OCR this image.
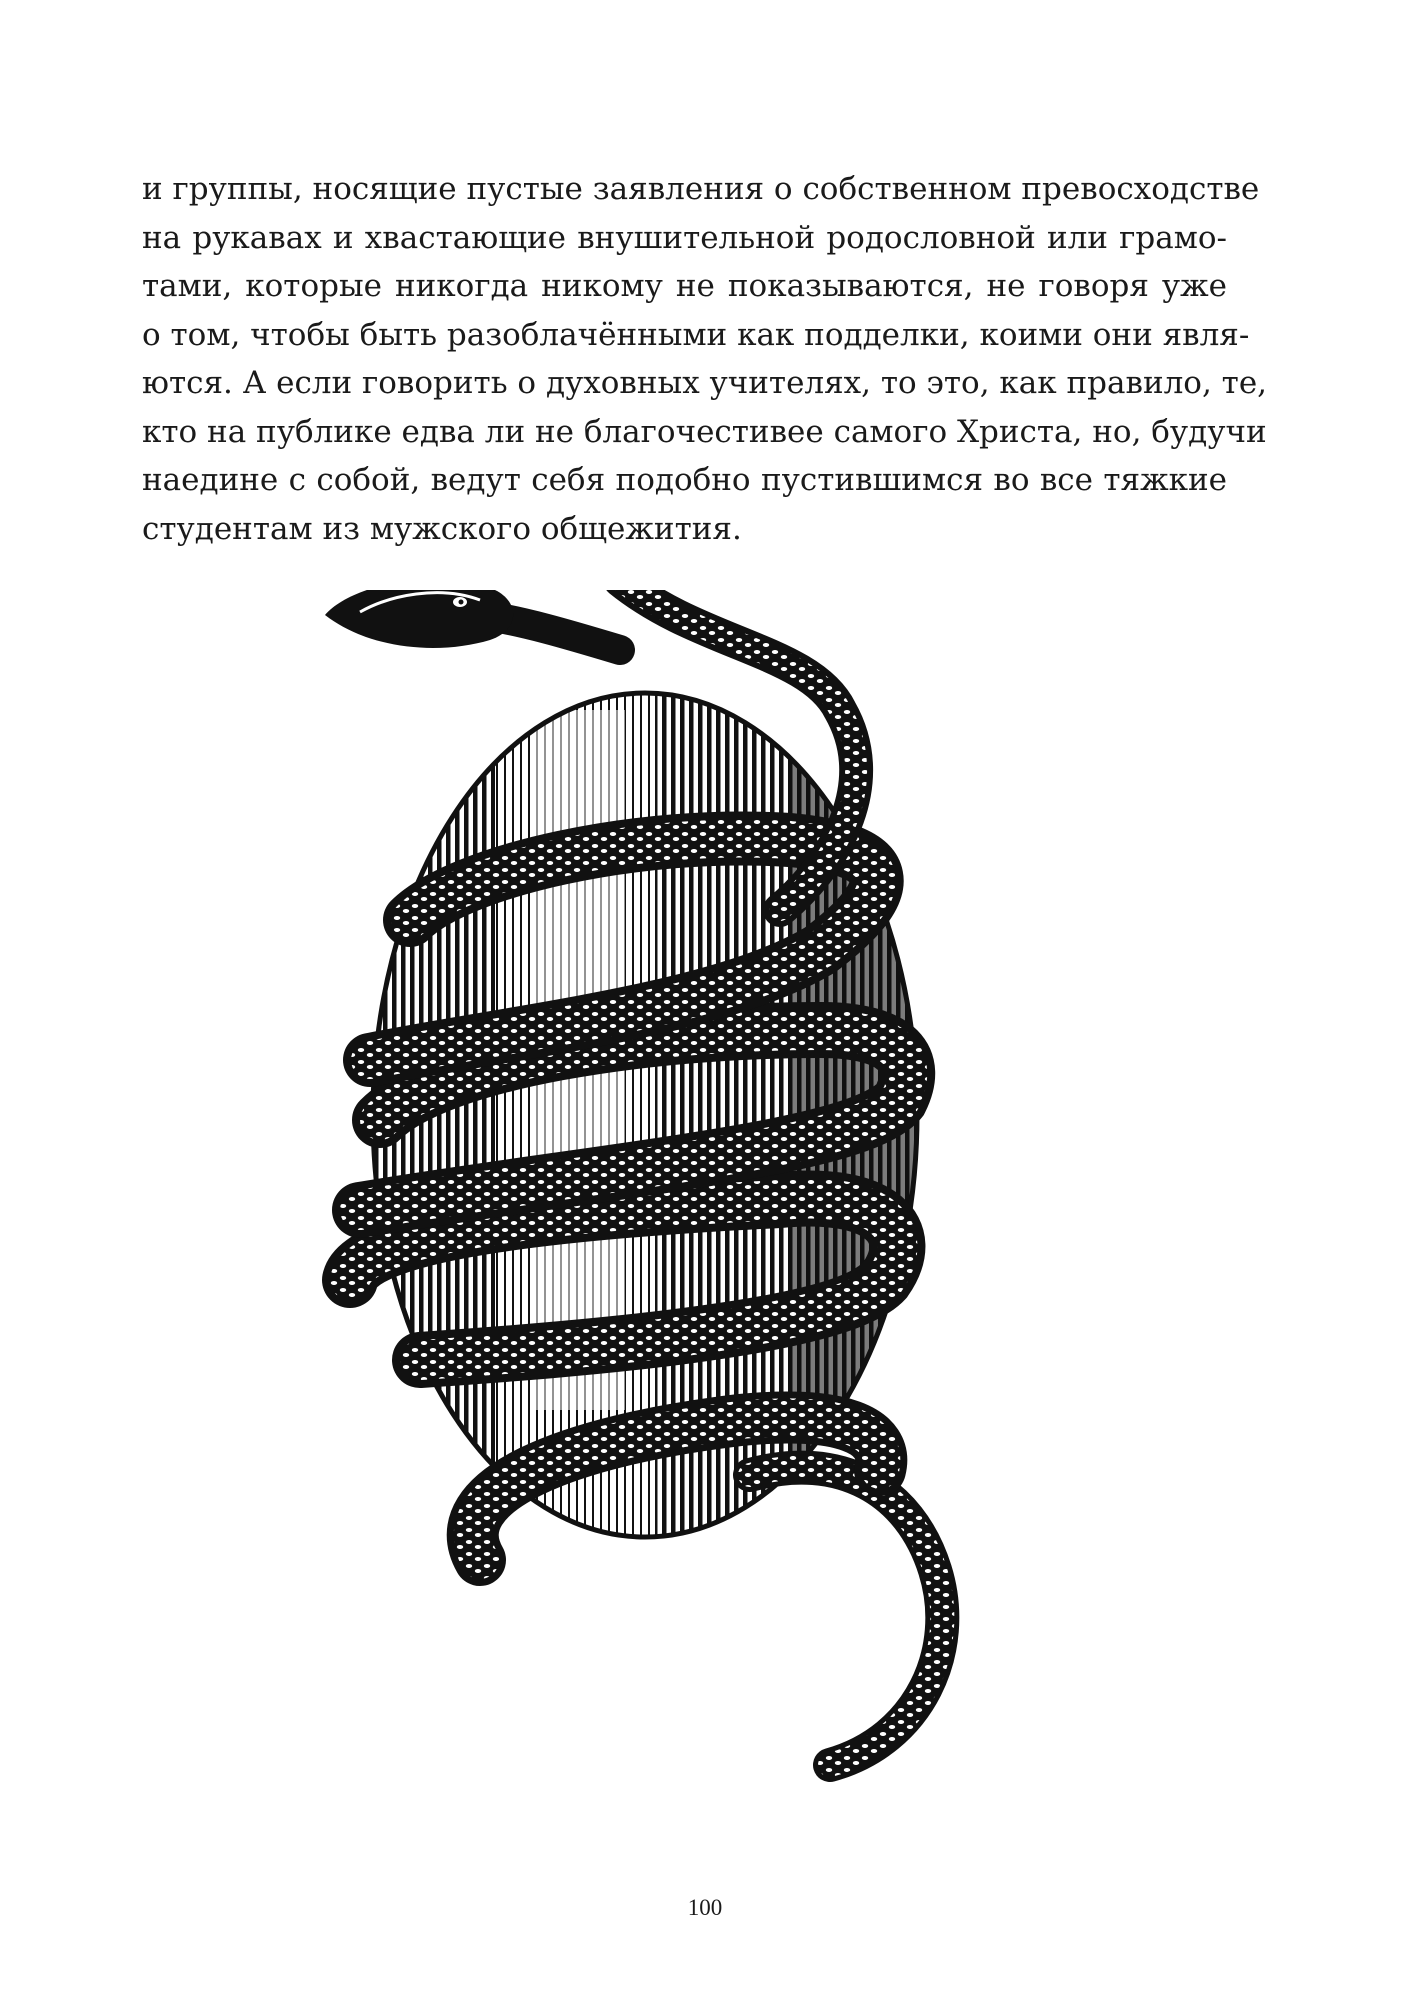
и группы, носящие пустые заявления о собственном превосходстве
на рукавах и хвастающие внушительной родословной или грамо-
тами, которые никогда никому не показываются, не говоря уже
о том, чтобы быть разоблачёнными как подделки, коими они явля-
ются. А если говорить о духовных учителях, то это, как правило, те,
кто на публике едва ли не благочестивее самого Христа, но, будучи
наедине с собой, ведут себя подобно пустившимся во все тяжкие
студентам из мужского общежития.
100
